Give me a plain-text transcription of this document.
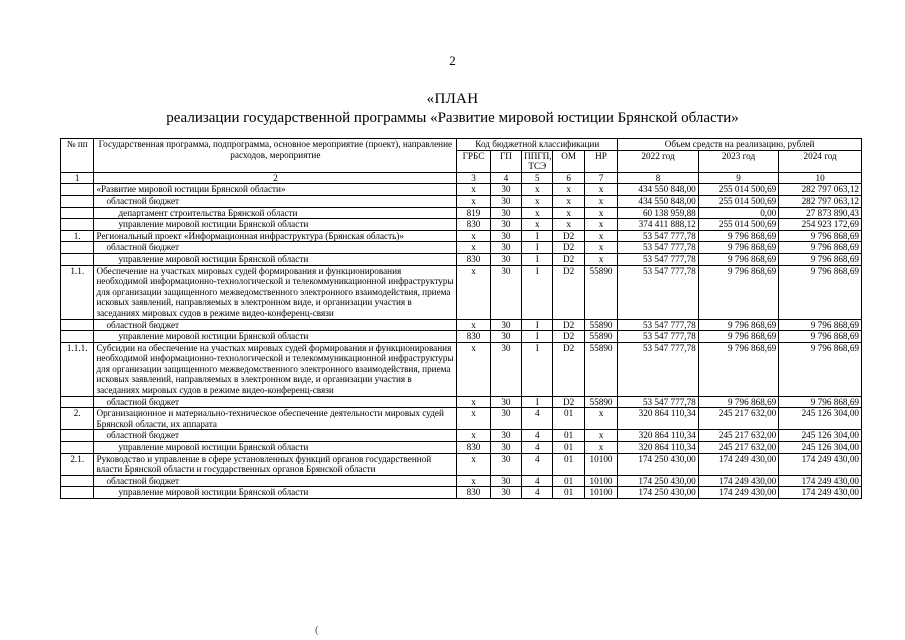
2
«ПЛАН
реализации государственной программы «Развитие мировой юстиции Брянской области»
№ пп	Государственная программа, подпрограмма, основное мероприятие (проект), направление расходов, мероприятие	Код бюджетной классификации					Объем средств на реализацию, рублей		
		ГРБС	ГП	ППГП, ТСЭ	ОМ	НР	2022 год	2023 год	2024 год
1	2	3	4	5	6	7	8	9	10
	«Развитие мировой юстиции Брянской области»	х	30	х	х	х	434 550 848,00	255 014 500,69	282 797 063,12
	областной бюджет	х	30	х	х	х	434 550 848,00	255 014 500,69	282 797 063,12
	департамент строительства Брянской области	819	30	х	х	х	60 138 959,88	0,00	27 873 890,43
	управление мировой юстиции Брянской области	830	30	х	х	х	374 411 888,12	255 014 500,69	254 923 172,69
1.	Региональный проект «Информационная инфраструктура (Брянская область)»	х	30	I	D2	х	53 547 777,78	9 796 868,69	9 796 868,69
	областной бюджет	х	30	I	D2	х	53 547 777,78	9 796 868,69	9 796 868,69
	управление мировой юстиции Брянской области	830	30	I	D2	х	53 547 777,78	9 796 868,69	9 796 868,69
1.1.	Обеспечение на участках мировых судей формирования и функционирования необходимой информационно-технологической и телекоммуникационной инфраструктуры для организации защищенного межведомственного электронного взаимодействия, приема исковых заявлений, направляемых в электронном виде, и организации участия в заседаниях мировых судов в режиме видео-конференц-связи	х	30	I	D2	55890	53 547 777,78	9 796 868,69	9 796 868,69
	областной бюджет	х	30	I	D2	55890	53 547 777,78	9 796 868,69	9 796 868,69
	управление мировой юстиции Брянской области	830	30	I	D2	55890	53 547 777,78	9 796 868,69	9 796 868,69
1.1.1.	Субсидии на обеспечение на участках мировых судей формирования и функционирования необходимой информационно-технологической и телекоммуникационной инфраструктуры для организации защищенного межведомственного электронного взаимодействия, приема исковых заявлений, направляемых в электронном виде, и организации участия в заседаниях мировых судов в режиме видео-конференц-связи	х	30	I	D2	55890	53 547 777,78	9 796 868,69	9 796 868,69
	областной бюджет	х	30	I	D2	55890	53 547 777,78	9 796 868,69	9 796 868,69
2.	Организационное и материально-техническое обеспечение деятельности мировых судей Брянской области, их аппарата	х	30	4	01	х	320 864 110,34	245 217 632,00	245 126 304,00
	областной бюджет	х	30	4	01	х	320 864 110,34	245 217 632,00	245 126 304,00
	управление мировой юстиции Брянской области	830	30	4	01	х	320 864 110,34	245 217 632,00	245 126 304,00
2.1.	Руководство и управление в сфере установленных функций органов государственной власти Брянской области и государственных органов Брянской области	х	30	4	01	10100	174 250 430,00	174 249 430,00	174 249 430,00
	областной бюджет	х	30	4	01	10100	174 250 430,00	174 249 430,00	174 249 430,00
	управление мировой юстиции Брянской области	830	30	4	01	10100	174 250 430,00	174 249 430,00	174 249 430,00
(
